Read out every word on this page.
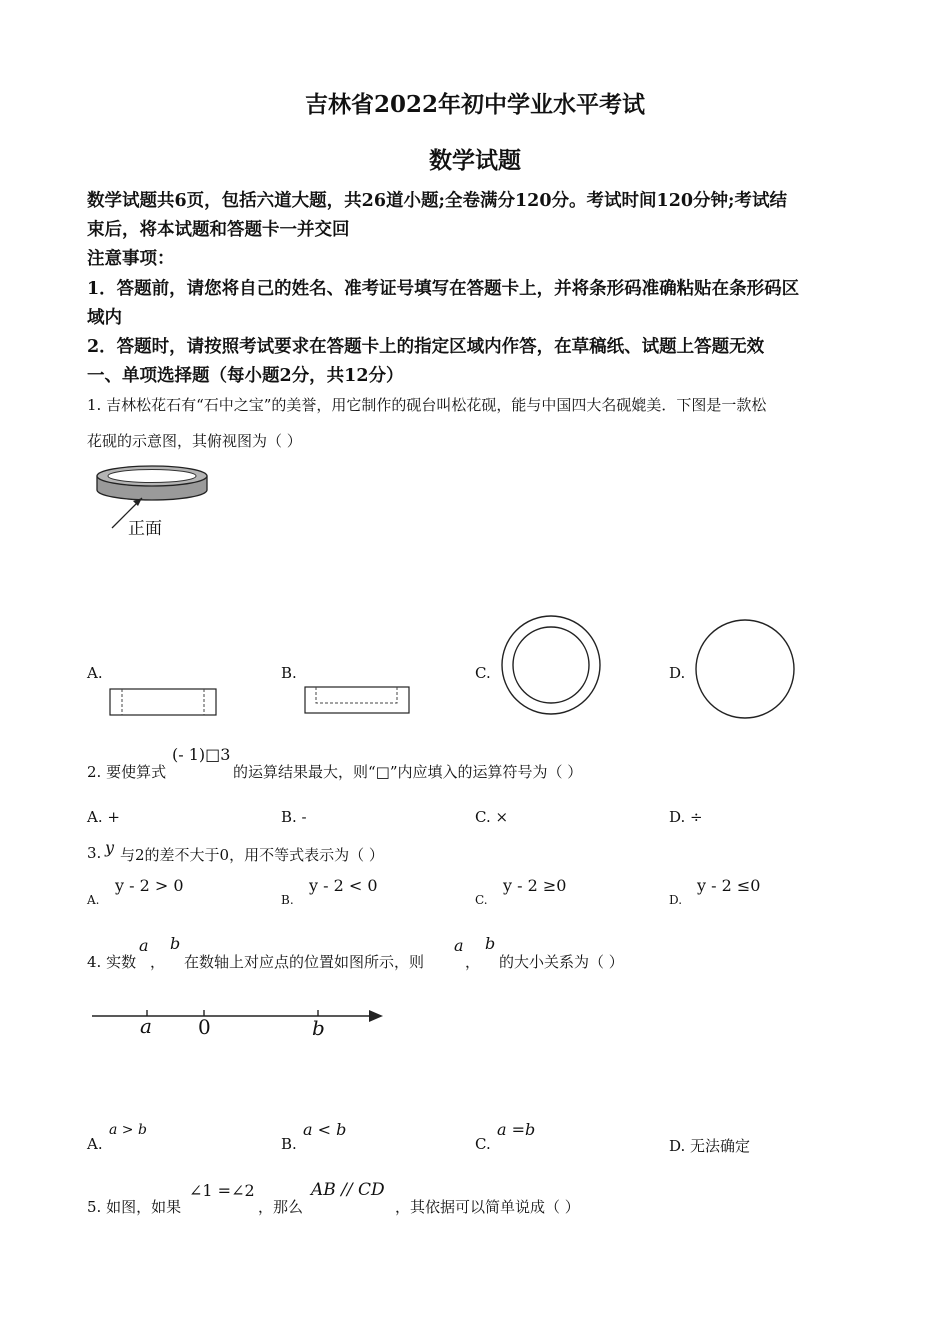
吉林省2022年初中学业水平考试
数学试题
数学试题共6页，包括六道大题，共26道小题;全卷满分120分。考试时间120分钟;考试结
束后，将本试题和答题卡一并交回
注意事项：
1．答题前，请您将自己的姓名、准考证号填写在答题卡上，并将条形码准确粘贴在条形码区
域内
2．答题时，请按照考试要求在答题卡上的指定区域内作答，在草稿纸、试题上答题无效
一、单项选择题（每小题2分，共12分）
1. 吉林松花石有“石中之宝”的美誉，用它制作的砚台叫松花砚，能与中国四大名砚媲美．下图是一款松
花砚的示意图，其俯视图为（ ）
正面
A.	B.	C.	D.
2. 要使算式
(- 1)□3
的运算结果最大，则“□”内应填入的运算符号为（ ）
A. +	B. -	C. ×	D. ÷
3. y 与2的差不大于0，用不等式表示为（ ）
A.
y - 2 > 0
B.
y - 2 < 0
C.
y - 2 ≥0
D.
y - 2 ≤0
4. 实数
a
，
b
在数轴上对应点的位置如图所示，则
a
，
b
的大小关系为（ ）
a 0	b
A.
a > b
B.
a < b
C.
a =b
D. 无法确定
5. 如图，如果
∠1 =∠2
，那么
AB // CD
，其依据可以简单说成（ ）
